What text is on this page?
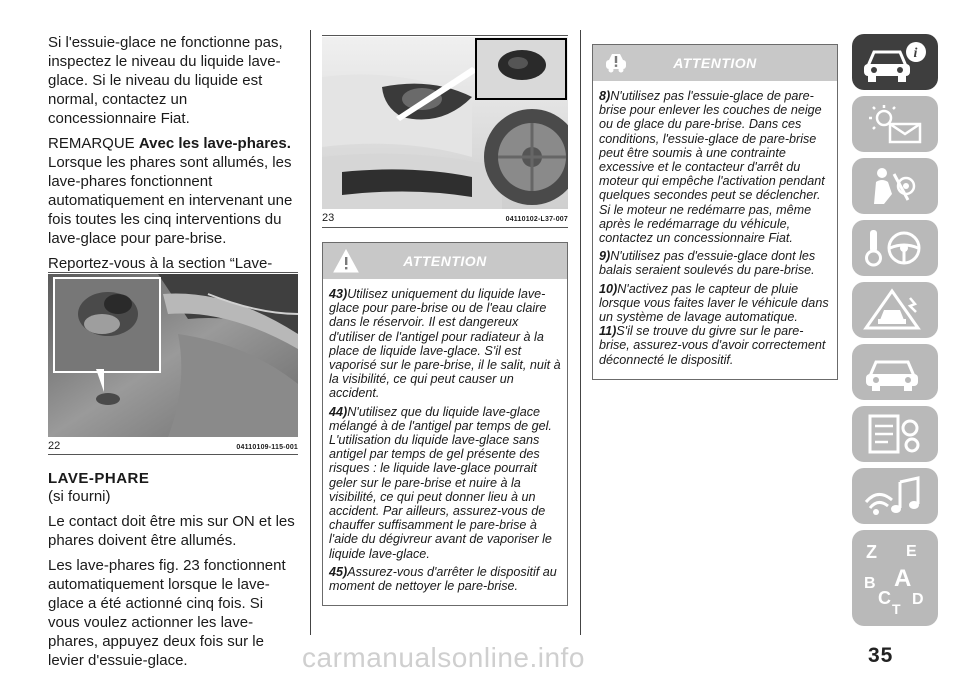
Si l'essuie-glace ne fonctionne pas, inspectez le niveau du liquide lave-glace. Si le niveau du liquide est normal, contactez un concessionnaire Fiat.

REMARQUE Avec les lave-phares. Lorsque les phares sont allumés, les lave-phares fonctionnent automatiquement en intervenant une fois toutes les cinq interventions du lave-glace pour pare-brise.

Reportez-vous à la section “Lave-

22	04110109-115-001
LAVE-PHARE
(si fourni)

Le contact doit être mis sur ON et les phares doivent être allumés.

Les lave-phares fig. 23 fonctionnent automatiquement lorsque le lave-glace a été actionné cinq fois. Si vous voulez actionner les lave-phares, appuyez deux fois sur le levier d'essuie-glace.

23	04110102-L37-007
ATTENTION
43)Utilisez uniquement du liquide lave-glace pour pare-brise ou de l'eau claire dans le réservoir. Il est dangereux d'utiliser de l'antigel pour radiateur à la place de liquide lave-glace. S'il est vaporisé sur le pare-brise, il le salit, nuit à la visibilité, ce qui peut causer un accident.
44)N'utilisez que du liquide lave-glace mélangé à de l'antigel par temps de gel. L'utilisation du liquide lave-glace sans antigel par temps de gel présente des risques : le liquide lave-glace pourrait geler sur le pare-brise et nuire à la visibilité, ce qui peut donner lieu à un accident. Par ailleurs, assurez-vous de chauffer suffisamment le pare-brise à l'aide du dégivreur avant de vaporiser le liquide lave-glace.
45)Assurez-vous d'arrêter le dispositif au moment de nettoyer le pare-brise.
ATTENTION
8)N'utilisez pas l'essuie-glace de pare-brise pour enlever les couches de neige ou de glace du pare-brise. Dans ces conditions, l'essuie-glace de pare-brise peut être soumis à une contrainte excessive et le contacteur d'arrêt du moteur qui empêche l'activation pendant quelques secondes peut se déclencher. Si le moteur ne redémarre pas, même après le redémarrage du véhicule, contactez un concessionnaire Fiat.
9)N'utilisez pas d'essuie-glace dont les balais seraient soulevés du pare-brise.
10)N'activez pas le capteur de pluie lorsque vous faites laver le véhicule dans un système de lavage automatique.
11)S'il se trouve du givre sur le pare-brise, assurez-vous d'avoir correctement déconnecté le dispositif.
i
Z E
B A
C
T
D
35
carmanualsonline.info
